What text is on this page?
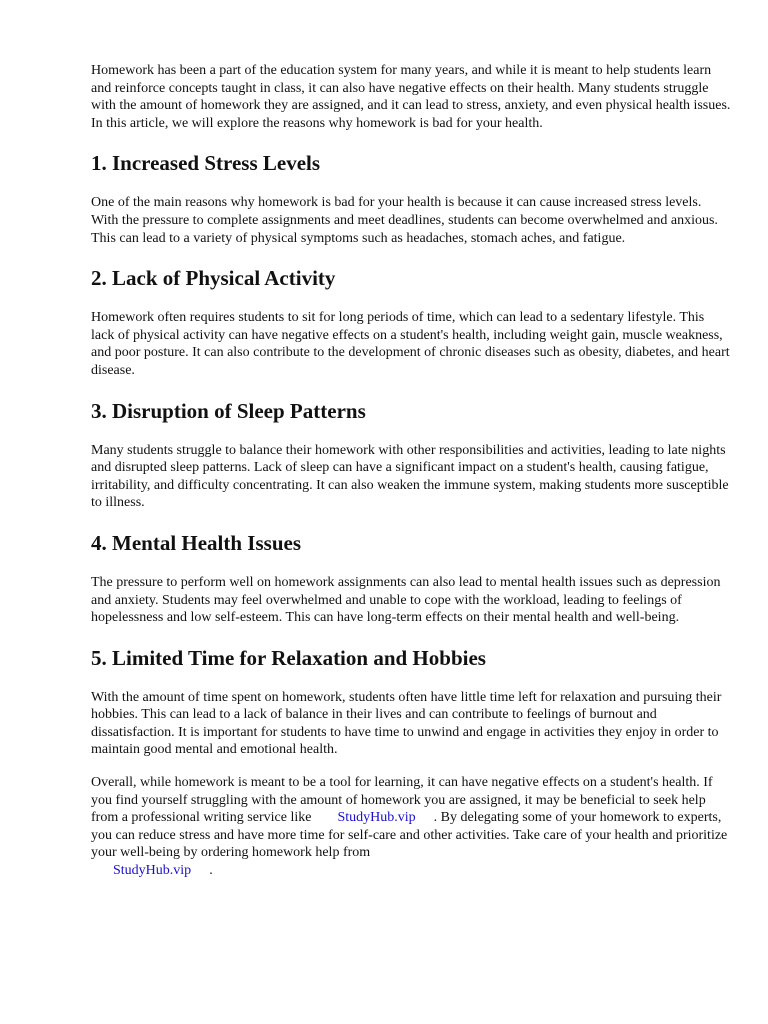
Homework has been a part of the education system for many years, and while it is meant to help students learn and reinforce concepts taught in class, it can also have negative effects on their health. Many students struggle with the amount of homework they are assigned, and it can lead to stress, anxiety, and even physical health issues. In this article, we will explore the reasons why homework is bad for your health.

1. Increased Stress Levels

One of the main reasons why homework is bad for your health is because it can cause increased stress levels. With the pressure to complete assignments and meet deadlines, students can become overwhelmed and anxious. This can lead to a variety of physical symptoms such as headaches, stomach aches, and fatigue.

2. Lack of Physical Activity

Homework often requires students to sit for long periods of time, which can lead to a sedentary lifestyle. This lack of physical activity can have negative effects on a student's health, including weight gain, muscle weakness, and poor posture. It can also contribute to the development of chronic diseases such as obesity, diabetes, and heart disease.

3. Disruption of Sleep Patterns

Many students struggle to balance their homework with other responsibilities and activities, leading to late nights and disrupted sleep patterns. Lack of sleep can have a significant impact on a student's health, causing fatigue, irritability, and difficulty concentrating. It can also weaken the immune system, making students more susceptible to illness.

4. Mental Health Issues

The pressure to perform well on homework assignments can also lead to mental health issues such as depression and anxiety. Students may feel overwhelmed and unable to cope with the workload, leading to feelings of hopelessness and low self-esteem. This can have long-term effects on their mental health and well-being.

5. Limited Time for Relaxation and Hobbies

With the amount of time spent on homework, students often have little time left for relaxation and pursuing their hobbies. This can lead to a lack of balance in their lives and can contribute to feelings of burnout and dissatisfaction. It is important for students to have time to unwind and engage in activities they enjoy in order to maintain good mental and emotional health.

Overall, while homework is meant to be a tool for learning, it can have negative effects on a student's health. If you find yourself struggling with the amount of homework you are assigned, it may be beneficial to seek help from a professional writing service like StudyHub.vip . By delegating some of your homework to experts, you can reduce stress and have more time for self-care and other activities. Take care of your health and prioritize your well-being by ordering homework help from
StudyHub.vip .
